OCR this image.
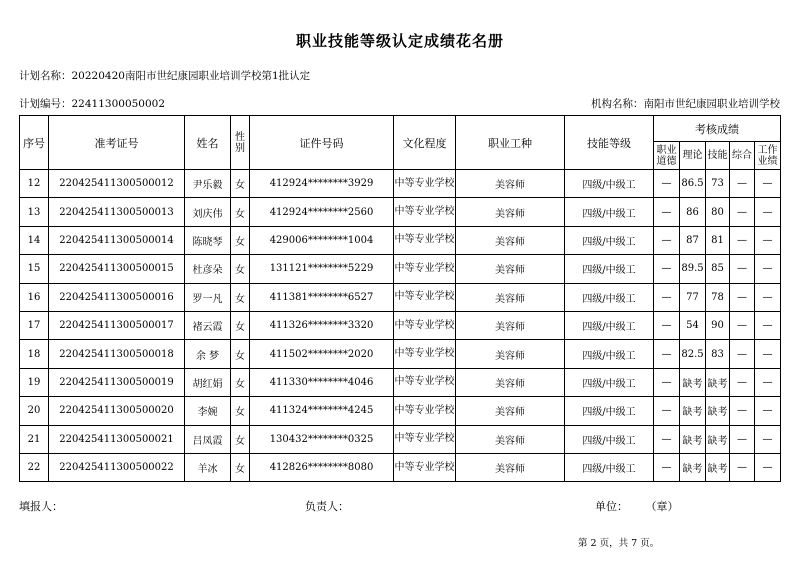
职业技能等级认定成绩花名册
计划名称：20220420南阳市世纪康园职业培训学校第1批认定
计划编号：22411300050002	机构名称：南阳市世纪康园职业培训学校
序号	准考证号	姓名	性别	证件号码	文化程度	职业工种	技能等级	考核成绩				
								职业道德	理论	技能	综合	工作业绩
12	220425411300500012	尹乐毅	女	412924********3929	中等专业学校	美容师	四级/中级工	—	86.5	73	—	—
13	220425411300500013	刘庆伟	女	412924********2560	中等专业学校	美容师	四级/中级工	—	86	80	—	—
14	220425411300500014	陈晓琴	女	429006********1004	中等专业学校	美容师	四级/中级工	—	87	81	—	—
15	220425411300500015	杜彦朵	女	131121********5229	中等专业学校	美容师	四级/中级工	—	89.5	85	—	—
16	220425411300500016	罗一凡	女	411381********6527	中等专业学校	美容师	四级/中级工	—	77	78	—	—
17	220425411300500017	褚云霞	女	411326********3320	中等专业学校	美容师	四级/中级工	—	54	90	—	—
18	220425411300500018	余 梦	女	411502********2020	中等专业学校	美容师	四级/中级工	—	82.5	83	—	—
19	220425411300500019	胡红娟	女	411330********4046	中等专业学校	美容师	四级/中级工	—	缺考	缺考	—	—
20	220425411300500020	李婉	女	411324********4245	中等专业学校	美容师	四级/中级工	—	缺考	缺考	—	—
21	220425411300500021	吕凤霞	女	130432********0325	中等专业学校	美容师	四级/中级工	—	缺考	缺考	—	—
22	220425411300500022	羊冰	女	412826********8080	中等专业学校	美容师	四级/中级工	—	缺考	缺考	—	—
填报人：	负责人：	单位：     （章）
第 2 页，共 7 页。
